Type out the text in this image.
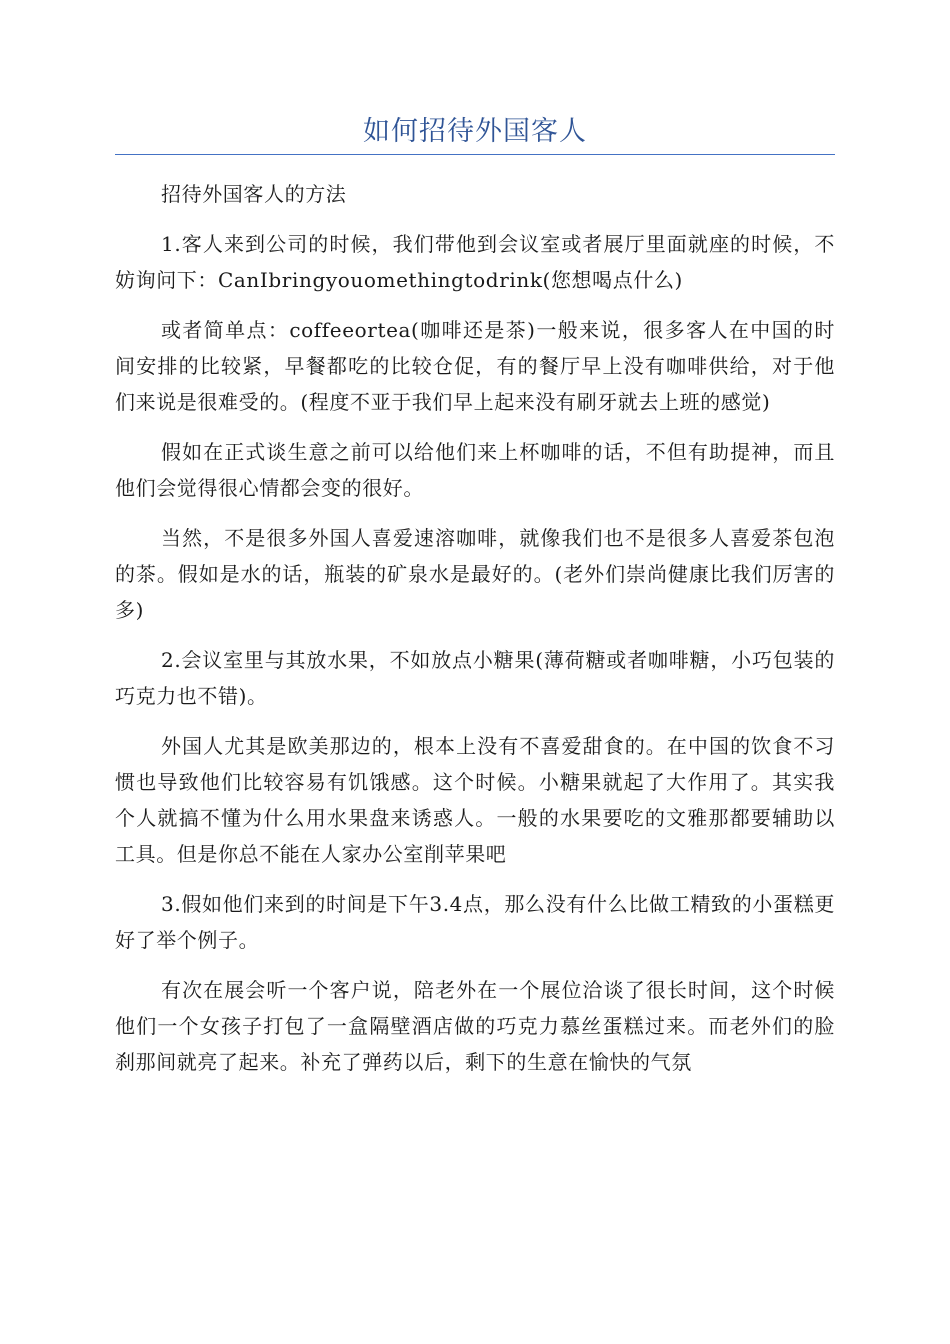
如何招待外国客人

招待外国客人的方法

1.客人来到公司的时候，我们带他到会议室或者展厅里面就座的时候，不妨询问下：CanIbringyouomethingtodrink(您想喝点什么)

或者简单点：coffeeortea(咖啡还是茶)一般来说，很多客人在中国的时间安排的比较紧，早餐都吃的比较仓促，有的餐厅早上没有咖啡供给，对于他们来说是很难受的。(程度不亚于我们早上起来没有刷牙就去上班的感觉)

假如在正式谈生意之前可以给他们来上杯咖啡的话，不但有助提神，而且他们会觉得很心情都会变的很好。

当然，不是很多外国人喜爱速溶咖啡，就像我们也不是很多人喜爱茶包泡的茶。假如是水的话，瓶装的矿泉水是最好的。(老外们崇尚健康比我们厉害的多)

2.会议室里与其放水果，不如放点小糖果(薄荷糖或者咖啡糖，小巧包装的巧克力也不错)。

外国人尤其是欧美那边的，根本上没有不喜爱甜食的。在中国的饮食不习惯也导致他们比较容易有饥饿感。这个时候。小糖果就起了大作用了。其实我个人就搞不懂为什么用水果盘来诱惑人。一般的水果要吃的文雅那都要辅助以工具。但是你总不能在人家办公室削苹果吧

3.假如他们来到的时间是下午3.4点，那么没有什么比做工精致的小蛋糕更好了举个例子。

有次在展会听一个客户说，陪老外在一个展位洽谈了很长时间，这个时候他们一个女孩子打包了一盒隔壁酒店做的巧克力慕丝蛋糕过来。而老外们的脸刹那间就亮了起来。补充了弹药以后，剩下的生意在愉快的气氛
